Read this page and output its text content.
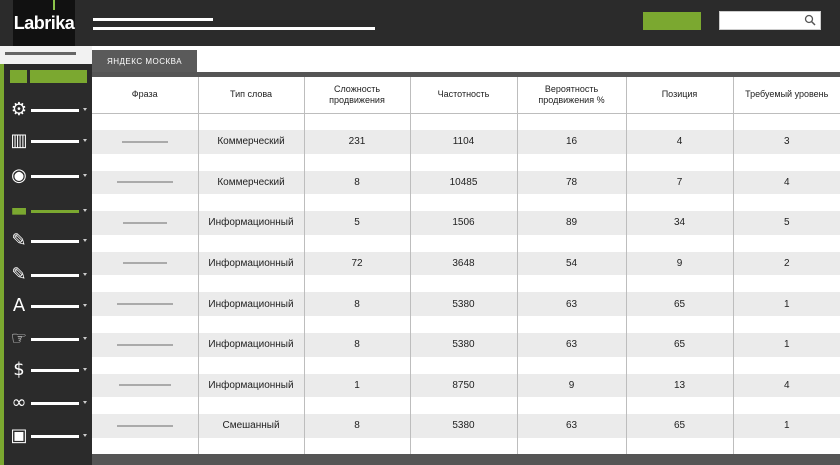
Labrika
⚙
▥
◉
▬
✎
✎
A
☞
$
∞
▣
ЯНДЕКС МОСКВА
Фраза	Тип слова	Сложность продвижения	Частотность	Вероятность продвижения %	Позиция	Требуемый уровень

	Коммерческий	231	1104	16	4	3

	Коммерческий	8	10485	78	7	4

	Информационный	5	1506	89	34	5

	Информационный	72	3648	54	9	2

	Информационный	8	5380	63	65	1

	Информационный	8	5380	63	65	1

	Информационный	1	8750	9	13	4

	Смешанный	8	5380	63	65	1
